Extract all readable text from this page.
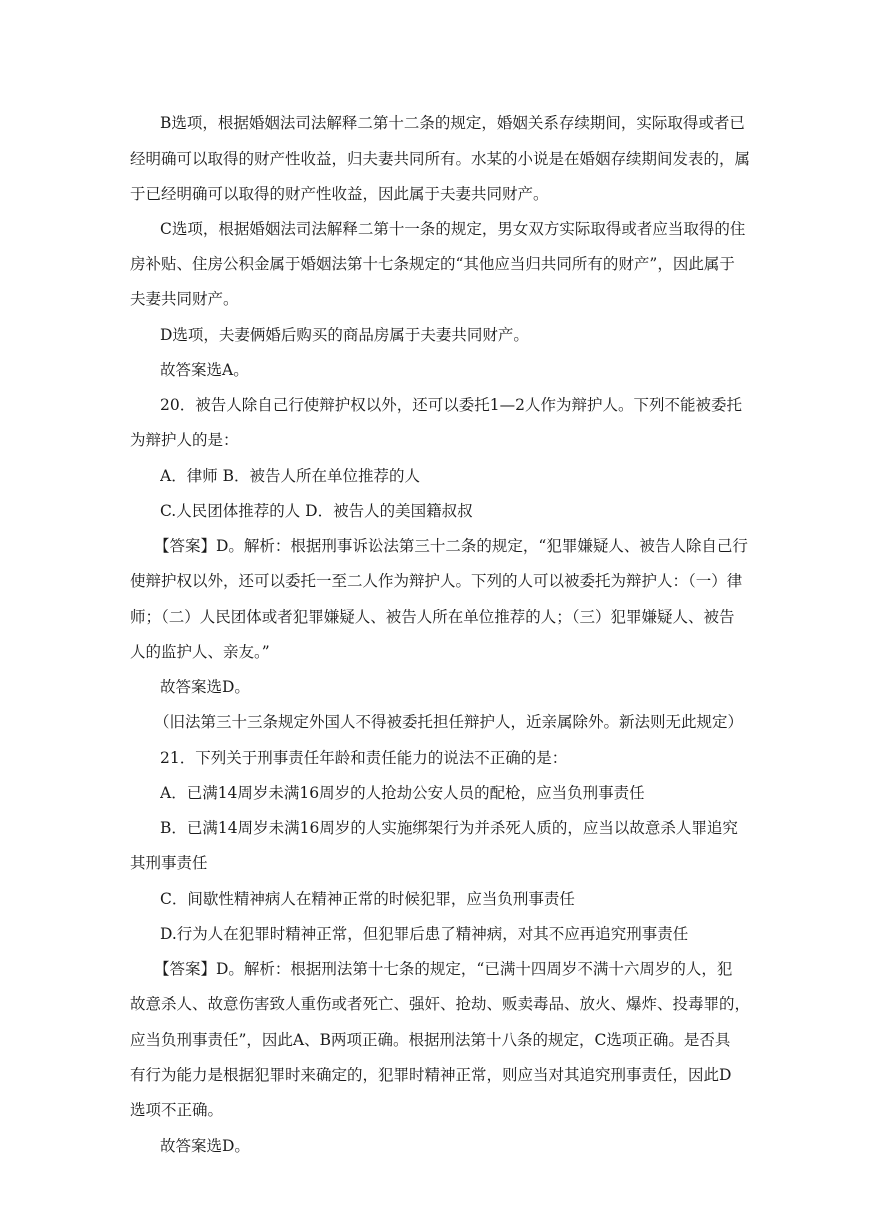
B选项，根据婚姻法司法解释二第十二条的规定，婚姻关系存续期间，实际取得或者已
经明确可以取得的财产性收益，归夫妻共同所有。水某的小说是在婚姻存续期间发表的，属
于已经明确可以取得的财产性收益，因此属于夫妻共同财产。
C选项，根据婚姻法司法解释二第十一条的规定，男女双方实际取得或者应当取得的住
房补贴、住房公积金属于婚姻法第十七条规定的“其他应当归共同所有的财产”，因此属于
夫妻共同财产。
D选项，夫妻俩婚后购买的商品房属于夫妻共同财产。
故答案选A。
20．被告人除自己行使辩护权以外，还可以委托1—2人作为辩护人。下列不能被委托
为辩护人的是：
A．律师 B．被告人所在单位推荐的人
C.人民团体推荐的人 D．被告人的美国籍叔叔
【答案】D。解析：根据刑事诉讼法第三十二条的规定，“犯罪嫌疑人、被告人除自己行
使辩护权以外，还可以委托一至二人作为辩护人。下列的人可以被委托为辩护人：（一）律
师；（二）人民团体或者犯罪嫌疑人、被告人所在单位推荐的人；（三）犯罪嫌疑人、被告
人的监护人、亲友。”
故答案选D。
（旧法第三十三条规定外国人不得被委托担任辩护人，近亲属除外。新法则无此规定）
21．下列关于刑事责任年龄和责任能力的说法不正确的是：
A．已满14周岁未满16周岁的人抢劫公安人员的配枪，应当负刑事责任
B．已满14周岁未满16周岁的人实施绑架行为并杀死人质的，应当以故意杀人罪追究
其刑事责任
C．间歇性精神病人在精神正常的时候犯罪，应当负刑事责任
D.行为人在犯罪时精神正常，但犯罪后患了精神病，对其不应再追究刑事责任
【答案】D。解析：根据刑法第十七条的规定，“已满十四周岁不满十六周岁的人，犯
故意杀人、故意伤害致人重伤或者死亡、强奸、抢劫、贩卖毒品、放火、爆炸、投毒罪的，
应当负刑事责任”，因此A、B两项正确。根据刑法第十八条的规定，C选项正确。是否具
有行为能力是根据犯罪时来确定的，犯罪时精神正常，则应当对其追究刑事责任，因此D
选项不正确。
故答案选D。
